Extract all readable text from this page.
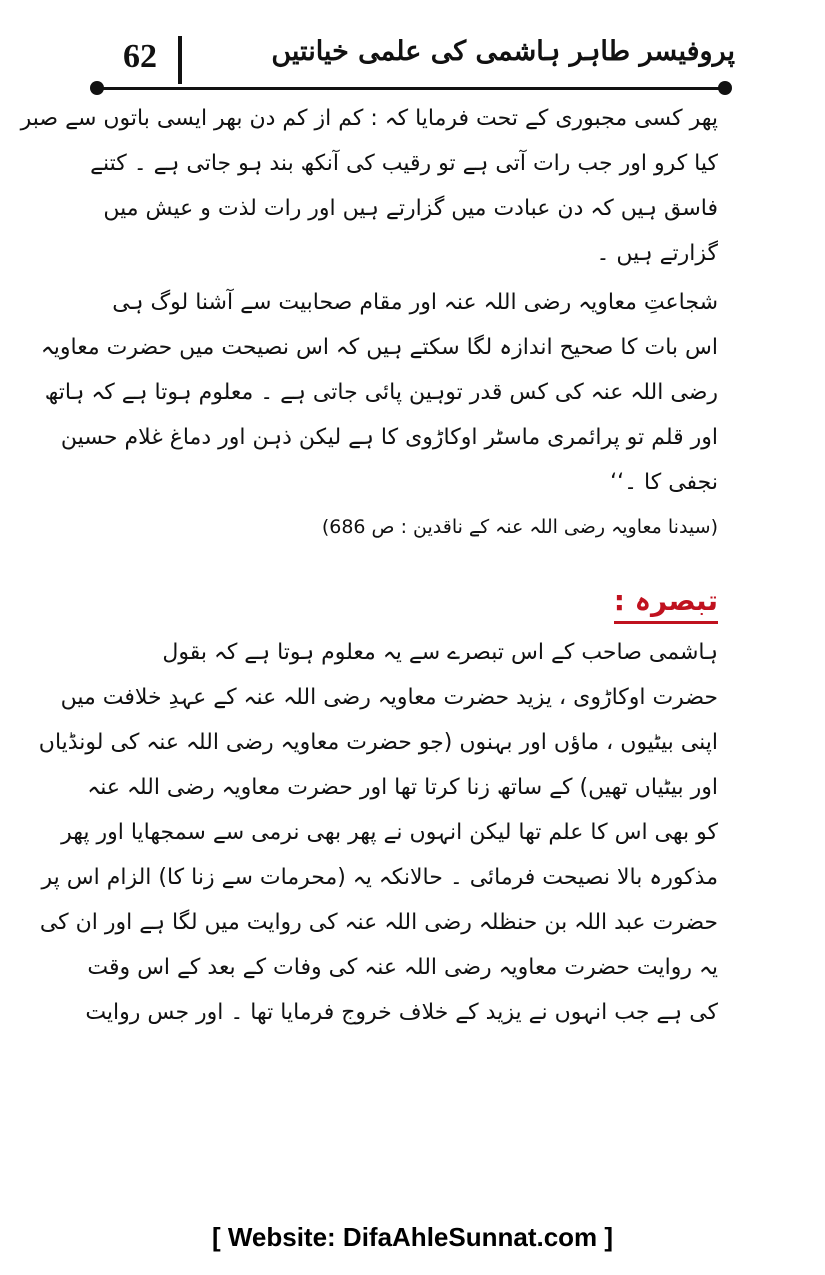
62	پروفیسر طاہر ہاشمی کی علمی خیانتیں
پھر کسی مجبوری کے تحت فرمایا کہ : کم از کم دن بھر ایسی باتوں سے صبر
کیا کرو اور جب رات آتی ہے تو رقیب کی آنکھ بند ہو جاتی ہے ۔ کتنے
فاسق ہیں کہ دن عبادت میں گزارتے ہیں اور رات لذت و عیش میں
گزارتے ہیں ۔
شجاعتِ معاویہ رضی اللہ عنہ اور مقام صحابیت سے آشنا لوگ ہی
اس بات کا صحیح اندازہ لگا سکتے ہیں کہ اس نصیحت میں حضرت معاویہ
رضی اللہ عنہ کی کس قدر توہین پائی جاتی ہے ۔ معلوم ہوتا ہے کہ ہاتھ
اور قلم تو پرائمری ماسٹر اوکاڑوی کا ہے لیکن ذہن اور دماغ غلام حسین
نجفی کا ۔‘‘
(سیدنا معاویہ رضی اللہ عنہ کے ناقدین : ص 686)
تبصرہ :
ہاشمی صاحب کے اس تبصرے سے یہ معلوم ہوتا ہے کہ بقول
حضرت اوکاڑوی ، یزید حضرت معاویہ رضی اللہ عنہ کے عہدِ خلافت میں
اپنی بیٹیوں ، ماؤں اور بہنوں (جو حضرت معاویہ رضی اللہ عنہ کی لونڈیاں
اور بیٹیاں تھیں) کے ساتھ زنا کرتا تھا اور حضرت معاویہ رضی اللہ عنہ
کو بھی اس کا علم تھا لیکن انہوں نے پھر بھی نرمی سے سمجھایا اور پھر
مذکورہ بالا نصیحت فرمائی ۔ حالانکہ یہ (محرمات سے زنا کا) الزام اس پر
حضرت عبد اللہ بن حنظلہ رضی اللہ عنہ کی روایت میں لگا ہے اور ان کی
یہ روایت حضرت معاویہ رضی اللہ عنہ کی وفات کے بعد کے اس وقت
کی ہے جب انہوں نے یزید کے خلاف خروج فرمایا تھا ۔ اور جس روایت
[ Website: DifaAhleSunnat.com ]
